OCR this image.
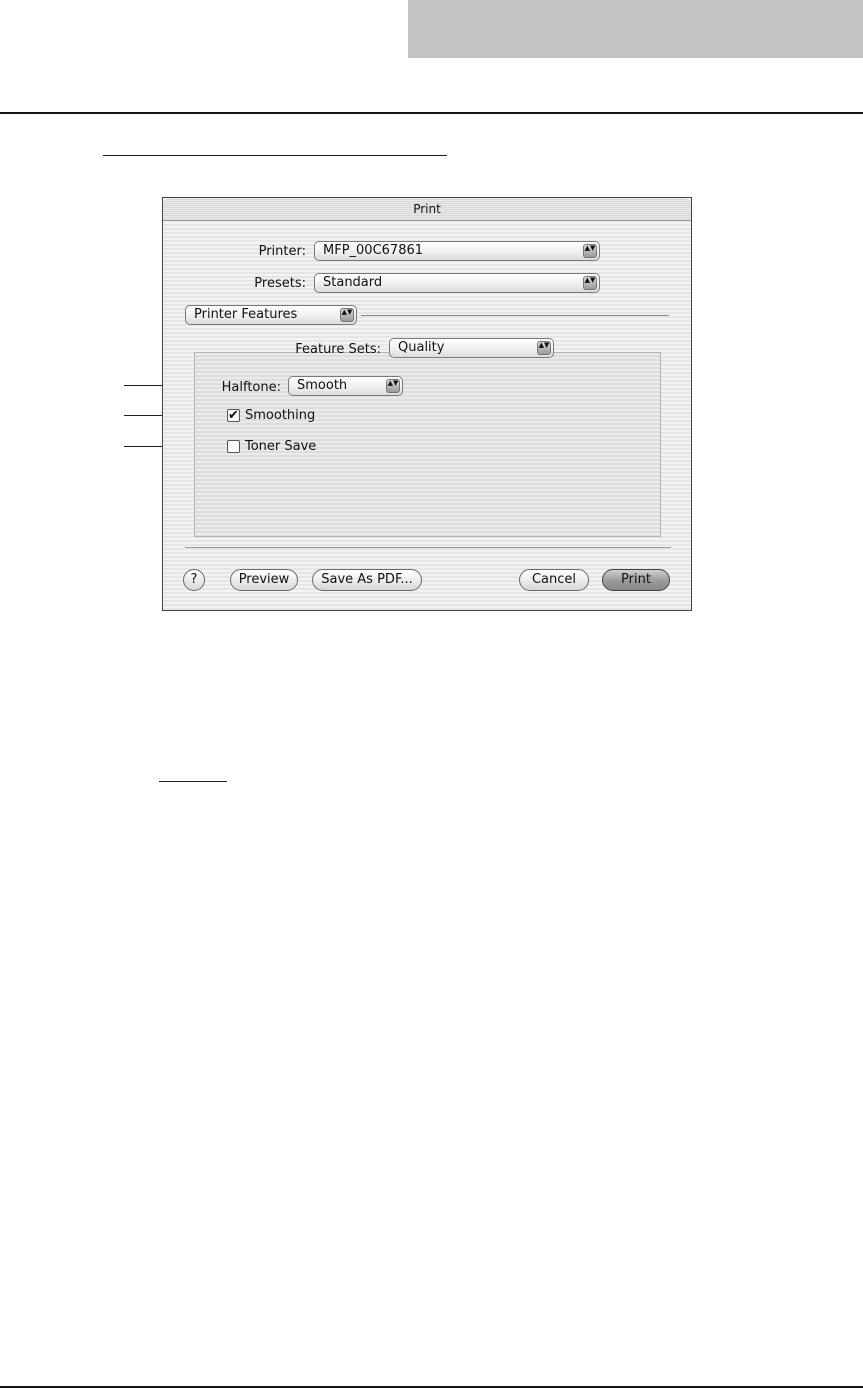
Print
Printer:	MFP_00C67861	▲▼
Presets:	Standard	▲▼
Printer Features	▲▼
Feature Sets:	Quality	▲▼
Halftone:	Smooth	▲▼
✔ Smoothing
Toner Save
?	Preview	Save As PDF...	Cancel	Print
